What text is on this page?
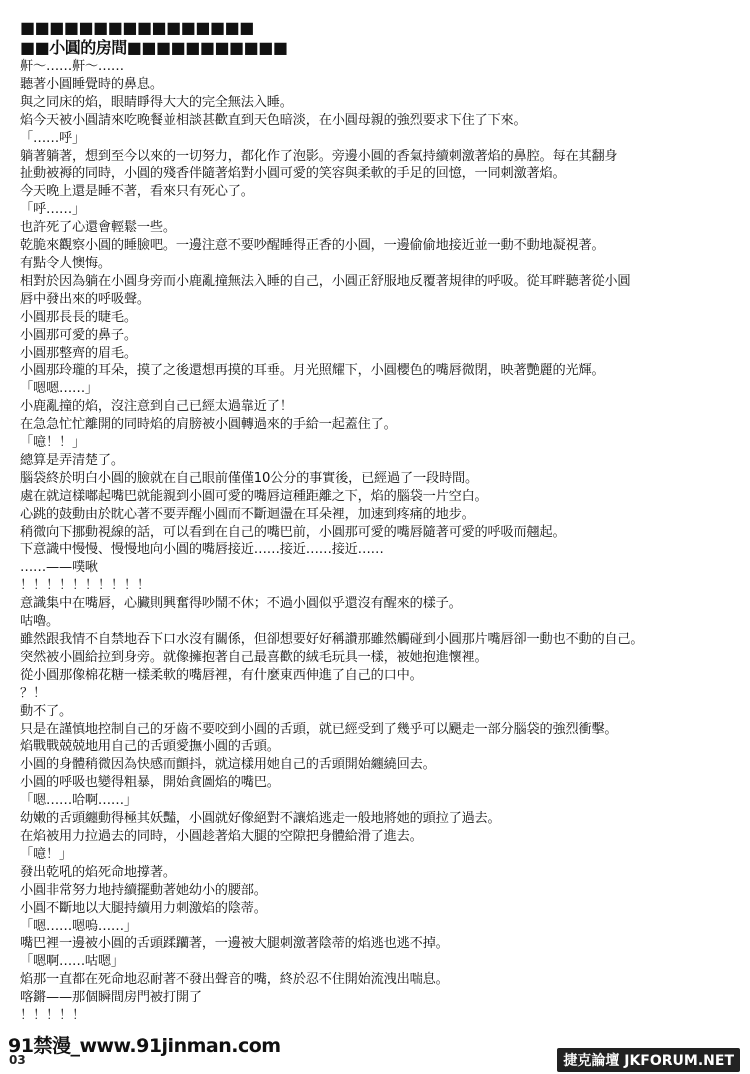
■■■■■■■■■■■■■■■■
■■小圓的房間■■■■■■■■■■■
鼾～……鼾～……
聽著小圓睡覺時的鼻息。
與之同床的焰，眼睛睜得大大的完全無法入睡。
焰今天被小圓請來吃晚餐並相談甚歡直到天色暗淡，在小圓母親的強烈要求下住了下來。
「……呼」
躺著躺著，想到至今以來的一切努力，都化作了泡影。旁邊小圓的香氣持續刺激著焰的鼻腔。每在其翻身
扯動被褥的同時，小圓的殘香伴隨著焰對小圓可愛的笑容與柔軟的手足的回憶，一同刺激著焰。
今天晚上還是睡不著，看來只有死心了。
「呼……」
也許死了心還會輕鬆一些。
乾脆來觀察小圓的睡臉吧。一邊注意不要吵醒睡得正香的小圓，一邊偷偷地接近並一動不動地凝視著。
有點令人懊悔。
相對於因為躺在小圓身旁而小鹿亂撞無法入睡的自己，小圓正舒服地反覆著規律的呼吸。從耳畔聽著從小圓
唇中發出來的呼吸聲。
小圓那長長的睫毛。
小圓那可愛的鼻子。
小圓那整齊的眉毛。
小圓那玲瓏的耳朵，摸了之後還想再摸的耳垂。月光照耀下，小圓櫻色的嘴唇微閉，映著艷麗的光輝。
「嗯嗯……」
小鹿亂撞的焰，沒注意到自己已經太過靠近了！
在急急忙忙離開的同時焰的肩膀被小圓轉過來的手給一起蓋住了。
「噫！！」
總算是弄清楚了。
腦袋終於明白小圓的臉就在自己眼前僅僅10公分的事實後，已經過了一段時間。
處在就這樣嘟起嘴巴就能親到小圓可愛的嘴唇這種距離之下，焰的腦袋一片空白。
心跳的鼓動由於眈心著不要弄醒小圓而不斷迴盪在耳朵裡，加速到疼痛的地步。
稍微向下挪動視線的話，可以看到在自己的嘴巴前，小圓那可愛的嘴唇隨著可愛的呼吸而翹起。
下意識中慢慢、慢慢地向小圓的嘴唇接近……接近……接近……
……——噗啾
！！！！！！！！！！
意識集中在嘴唇，心臟則興奮得吵鬧不休；不過小圓似乎還沒有醒來的樣子。
咕嚕。
雖然跟我情不自禁地吞下口水沒有關係，但卻想要好好稱讚那雖然觸碰到小圓那片嘴唇卻一動也不動的自己。
突然被小圓給拉到身旁。就像擁抱著自己最喜歡的絨毛玩具一樣，被她抱進懷裡。
從小圓那像棉花糖一樣柔軟的嘴唇裡，有什麼東西伸進了自己的口中。
？！
動不了。
只是在謹慎地控制自己的牙齒不要咬到小圓的舌頭，就已經受到了幾乎可以颶走一部分腦袋的強烈衝擊。
焰戰戰兢兢地用自己的舌頭愛撫小圓的舌頭。
小圓的身體稍微因為快感而顫抖，就這樣用她自己的舌頭開始纏繞回去。
小圓的呼吸也變得粗暴，開始貪圖焰的嘴巴。
「嗯……哈啊……」
幼嫩的舌頭纏動得極其妖豔，小圓就好像絕對不讓焰逃走一般地將她的頭拉了過去。
在焰被用力拉過去的同時，小圓趁著焰大腿的空隙把身體給滑了進去。
「噫！」
發出乾吼的焰死命地撐著。
小圓非常努力地持續擺動著她幼小的腰部。
小圓不斷地以大腿持續用力刺激焰的陰蒂。
「嗯……嗯嗚……」
嘴巴裡一邊被小圓的舌頭蹂躪著，一邊被大腿刺激著陰蒂的焰逃也逃不掉。
「嗯啊……咕嗯」
焰那一直都在死命地忍耐著不發出聲音的嘴，終於忍不住開始流洩出喘息。
喀鏘——那個瞬間房門被打開了
！！！！！
91禁漫_www.91jinman.com
03	捷克論壇 JKFORUM.NET
